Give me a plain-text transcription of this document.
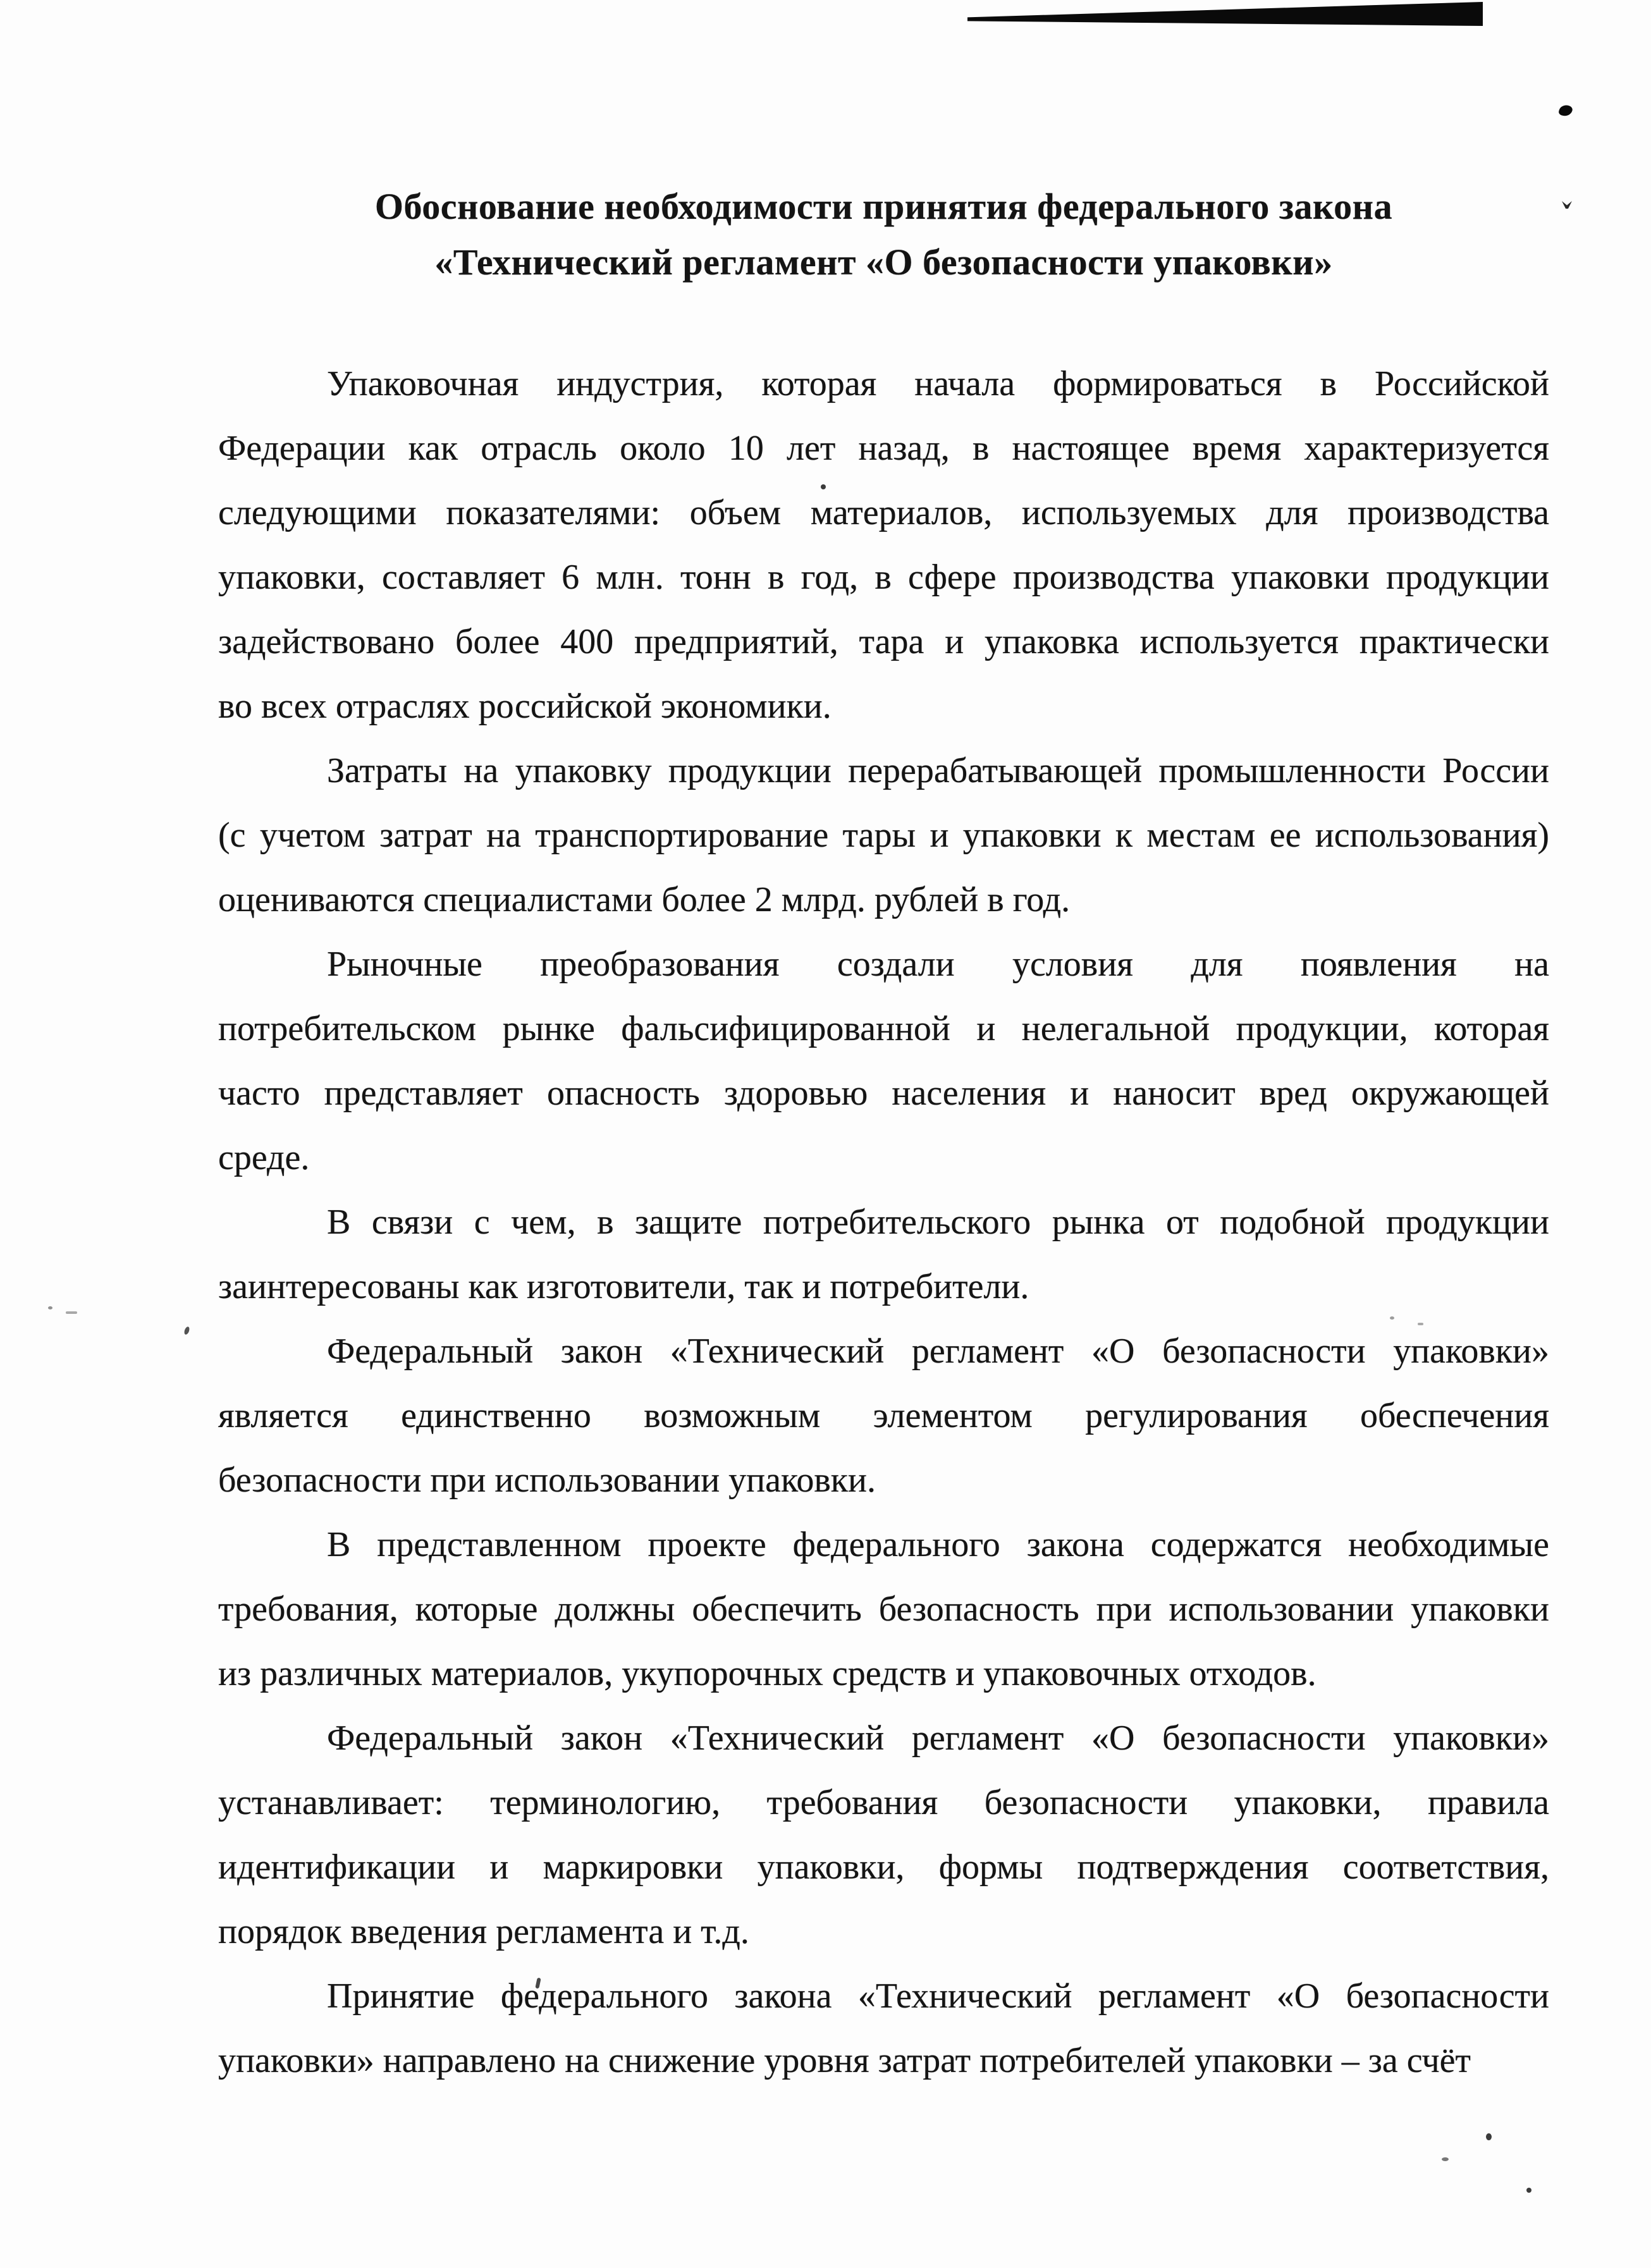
Обоснование необходимости принятия федерального закона
«Технический регламент «О безопасности упаковки»
Упаковочная индустрия, которая начала формироваться в Российской
Федерации как отрасль около 10 лет назад, в настоящее время характеризуется
следующими показателями: объем материалов, используемых для производства
упаковки, составляет 6 млн. тонн в год, в сфере производства упаковки продукции
задействовано более 400 предприятий, тара и упаковка используется практически
во всех отраслях российской экономики.
Затраты на упаковку продукции перерабатывающей промышленности России
(с учетом затрат на транспортирование тары и упаковки к местам ее использования)
оцениваются специалистами более 2 млрд. рублей в год.
Рыночные преобразования создали условия для появления на
потребительском рынке фальсифицированной и нелегальной продукции, которая
часто представляет опасность здоровью населения и наносит вред окружающей
среде.
В связи с чем, в защите потребительского рынка от подобной продукции
заинтересованы как изготовители, так и потребители.
Федеральный закон «Технический регламент «О безопасности упаковки»
является единственно возможным элементом регулирования обеспечения
безопасности при использовании упаковки.
В представленном проекте федерального закона содержатся необходимые
требования, которые должны обеспечить безопасность при использовании упаковки
из различных материалов, укупорочных средств и упаковочных отходов.
Федеральный закон «Технический регламент «О безопасности упаковки»
устанавливает: терминологию, требования безопасности упаковки, правила
идентификации и маркировки упаковки, формы подтверждения соответствия,
порядок введения регламента и т.д.
Принятие федерального закона «Технический регламент «О безопасности
упаковки» направлено на снижение уровня затрат потребителей упаковки – за счёт
